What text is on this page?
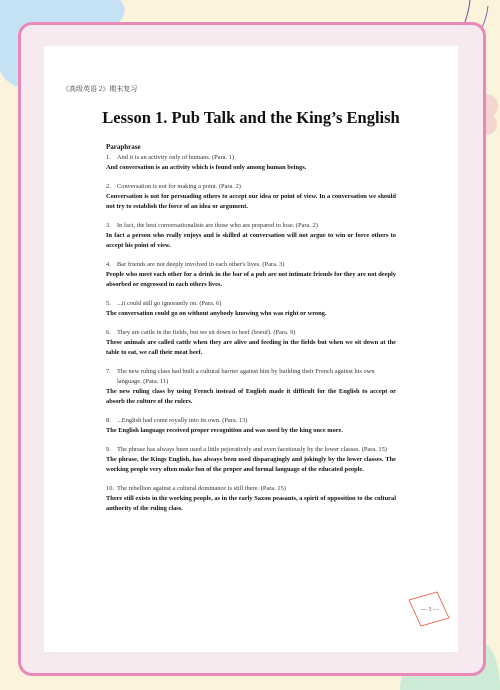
《高级英语 2》期末复习
Lesson 1. Pub Talk and the King’s English
Paraphrase
1. And it is an activity only of humans. (Para. 1)
And conversation is an activity which is found only among human beings.
2. Conversation is not for making a point. (Para. 2)
Conversation is not for persuading others to accept our idea or point of view. In a conversation we should not try to establish the force of an idea or argument.
3. In fact, the best conversationalists are those who are prepared to lose. (Para. 2)
In fact a person who really enjoys and is skilled at conversation will not argue to win or force others to accept his point of view.
4. Bar friends are not deeply involved in each other's lives. (Para. 3)
People who meet each other for a drink in the bar of a pub are not intimate friends for they are not deeply absorbed or engrossed in each others lives.
5. ...it could still go ignorantly on. (Para. 6)
The conversation could go on without anybody knowing who was right or wrong.
6. They are cattle in the fields, but we sit down to beef (boeuf). (Para. 9)
These animals are called cattle when they are alive and feeding in the fields but when we sit down at the table to eat, we call their meat beef.
7. The new ruling class had built a cultural barrier against him by building their French against his own language. (Para. 11)
The new ruling class by using French instead of English made it difficult for the English to accept or absorb the culture of the rulers.
8. ...English had come royally into its own. (Para. 13)
The English language received proper recognition and was used by the king once more.
9. The phrase has always been used a little pejoratively and even facetiously by the lower classes. (Para. 15)
The phrase, the Kings English, has always been used disparagingly and jokingly by the lower classes. The working people very often make fun of the proper and formal language of the educated people.
10. The rebellion against a cultural dominance is still there. (Para. 15)
There still exists in the working people, as in the early Saxon peasants, a spirit of opposition to the cultural authority of the ruling class.
— 3 —
